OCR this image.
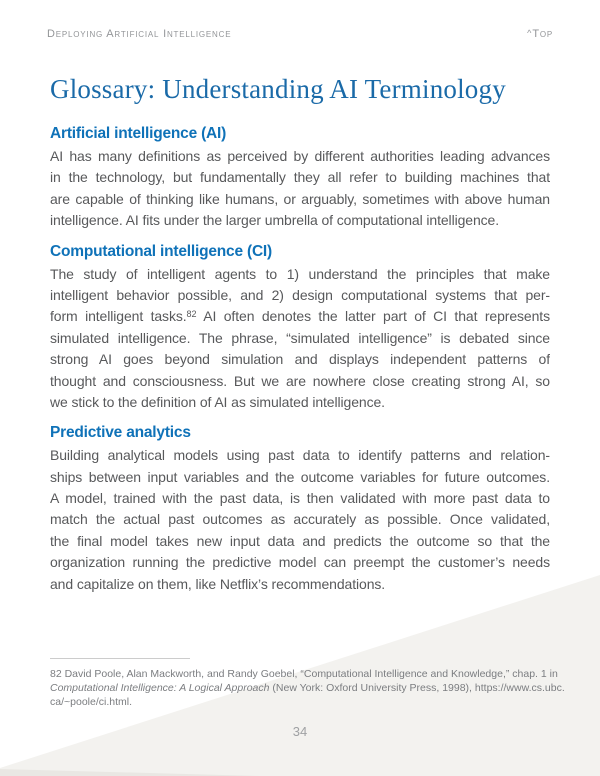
Deploying Artificial Intelligence	^Top
Glossary: Understanding AI Terminology
Artificial intelligence (AI)
AI has many definitions as perceived by different authorities leading advances
in the technology, but fundamentally they all refer to building machines that
are capable of thinking like humans, or arguably, sometimes with above human
intelligence. AI fits under the larger umbrella of computational intelligence.
Computational intelligence (CI)
The study of intelligent agents to 1) understand the principles that make
intelligent behavior possible, and 2) design computational systems that per-
form intelligent tasks.$^{82}$ AI often denotes the latter part of CI that represents
simulated intelligence. The phrase, “simulated intelligence” is debated since
strong AI goes beyond simulation and displays independent patterns of
thought and consciousness. But we are nowhere close creating strong AI, so
we stick to the definition of AI as simulated intelligence.
Predictive analytics
Building analytical models using past data to identify patterns and relation-
ships between input variables and the outcome variables for future outcomes.
A model, trained with the past data, is then validated with more past data to
match the actual past outcomes as accurately as possible. Once validated,
the final model takes new input data and predicts the outcome so that the
organization running the predictive model can preempt the customer’s needs
and capitalize on them, like Netflix’s recommendations.
82 David Poole, Alan Mackworth, and Randy Goebel, “Computational Intelligence and Knowledge,” chap. 1 in
Computational Intelligence: A Logical Approach (New York: Oxford University Press, 1998), https://www.cs.ubc.
ca/~poole/ci.html.
34
